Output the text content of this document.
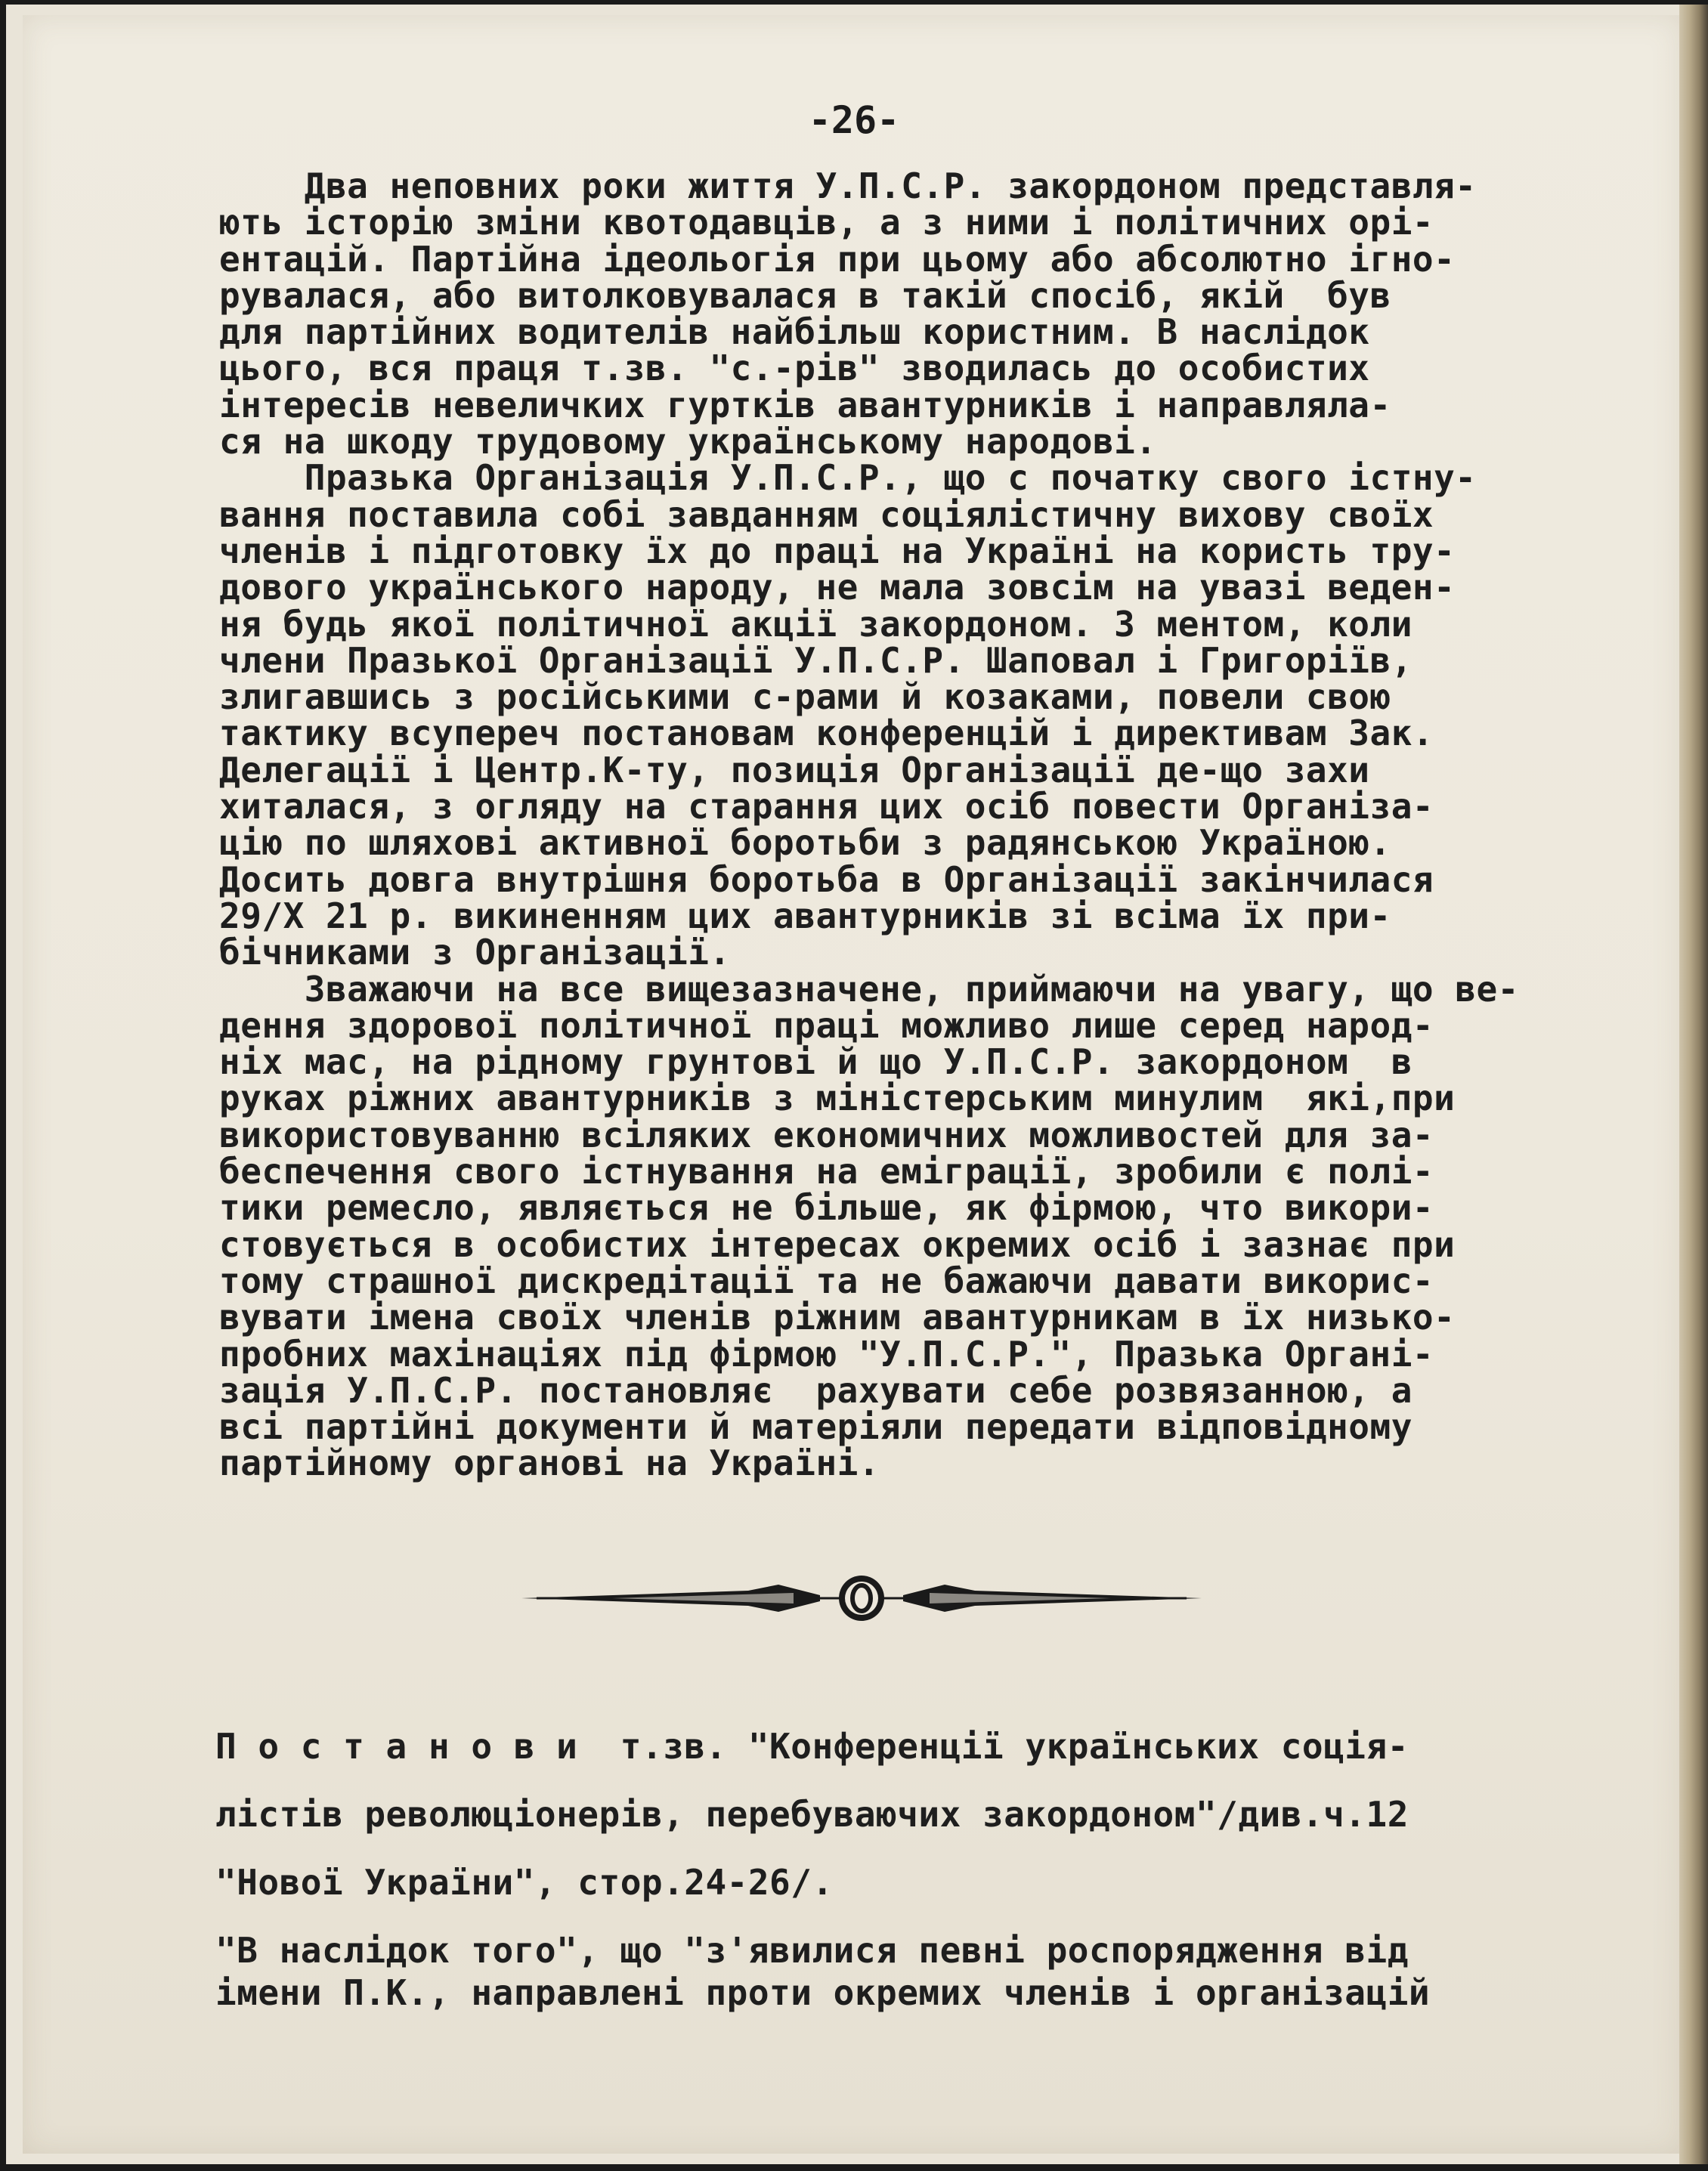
-26-
Два неповних роки життя У.П.С.Р. закордоном представля-
ють історію зміни квотодавців, а з ними і політичних орі-
ентацій. Партійна ідеольогія при цьому або абсолютно ігно-
рувалася, або витолковувалася в такій спосіб, якій  був
для партійних водителів найбільш користним. В наслідок
цього, вся праця т.зв. "с.-рів" зводилась до особистих
інтересів невеличких гуртків авантурників і направляла-
ся на шкоду трудовому українському народові.
Празька Організація У.П.С.Р., що с початку свого істну-
вання поставила собі завданням соціялістичну вихову своїх
членів і підготовку їх до праці на Україні на користь тру-
дового українського народу, не мала зовсім на увазі веден-
ня будь якої політичної акції закордоном. З ментом, коли
члени Празької Організації У.П.С.Р. Шаповал і Григоріїв,
злигавшись з російськими с-рами й козаками, повели свою
тактику всупереч постановам конференцій і директивам Зак.
Делегації і Центр.К-ту, позиція Організації де-що захи
хиталася, з огляду на старання цих осіб повести Організа-
цію по шляхові активної боротьби з радянською Україною.
Досить довга внутрішня боротьба в Організації закінчилася
29/X 21 р. викиненням цих авантурників зі всіма їх при-
бічниками з Організації.
Зважаючи на все вищезазначене, приймаючи на увагу, що ве-
дення здорової політичної праці можливо лише серед народ-
ніх мас, на рідному грунтові й що У.П.С.Р. закордоном  в
руках ріжних авантурників з міністерським минулим  які,при
використовуванню всіляких економичних можливостей для за-
беспечення свого істнування на еміграції, зробили є полі-
тики ремесло, являється не більше, як фірмою, что викори-
стовується в особистих інтересах окремих осіб і зазнає при
тому страшної дискредітації та не бажаючи давати викорис-
вувати імена своїх членів ріжним авантурникам в їх низько-
пробних махінаціях під фірмою "У.П.С.Р.", Празька Органі-
зація У.П.С.Р. постановляє  рахувати себе розвязанною, а
всі партійні документи й матеріяли передати відповідному
партійному органові на Україні.
П о с т а н о в и  т.зв. "Конференції українських соція-
лістів революціонерів, перебуваючих закордоном"/див.ч.12
"Нової України", стор.24-26/.
"В наслідок того", що "з'явилися певні роспорядження від
імени П.К., направлені проти окремих членів і організацій
